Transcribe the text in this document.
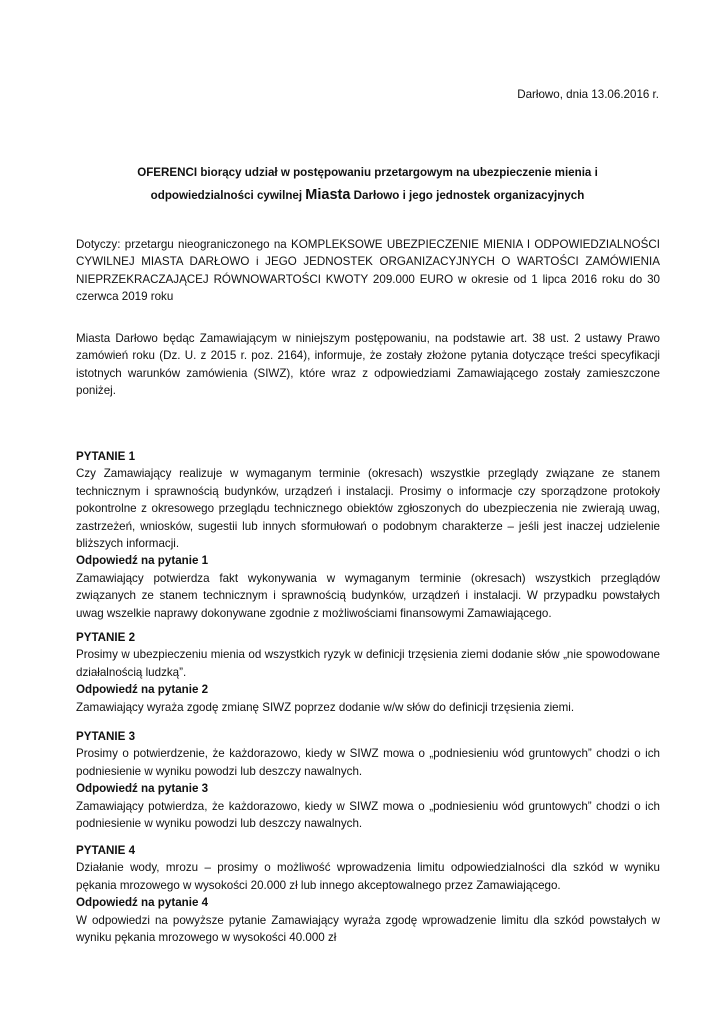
Darłowo, dnia 13.06.2016 r.
OFERENCI biorący udział w postępowaniu przetargowym na ubezpieczenie mienia i
odpowiedzialności cywilnej Miasta Darłowo i jego jednostek organizacyjnych
Dotyczy: przetargu nieograniczonego na KOMPLEKSOWE UBEZPIECZENIE MIENIA I ODPOWIEDZIALNOŚCI CYWILNEJ MIASTA DARŁOWO i JEGO JEDNOSTEK ORGANIZACYJNYCH O WARTOŚCI ZAMÓWIENIA NIEPRZEKRACZAJĄCEJ RÓWNOWARTOŚCI KWOTY 209.000 EURO w okresie od 1 lipca 2016 roku do 30 czerwca 2019 roku
Miasta Darłowo będąc Zamawiającym w niniejszym postępowaniu, na podstawie art. 38 ust. 2 ustawy Prawo zamówień roku (Dz. U. z 2015 r. poz. 2164), informuje, że zostały złożone pytania dotyczące treści specyfikacji istotnych warunków zamówienia (SIWZ), które wraz z odpowiedziami Zamawiającego zostały zamieszczone poniżej.

PYTANIE 1

Czy Zamawiający realizuje w wymaganym terminie (okresach) wszystkie przeglądy związane ze stanem technicznym i sprawnością budynków, urządzeń i instalacji. Prosimy o informacje czy sporządzone protokoły pokontrolne z okresowego przeglądu technicznego obiektów zgłoszonych do ubezpieczenia nie zwierają uwag, zastrzeżeń, wniosków, sugestii lub innych sformułowań o podobnym charakterze – jeśli jest inaczej udzielenie bliższych informacji.

Odpowiedź na pytanie 1

Zamawiający potwierdza fakt wykonywania w wymaganym terminie (okresach) wszystkich przeglądów związanych ze stanem technicznym i sprawnością budynków, urządzeń i instalacji. W przypadku powstałych uwag wszelkie naprawy dokonywane zgodnie z możliwościami finansowymi Zamawiającego.

PYTANIE 2

Prosimy w ubezpieczeniu mienia od wszystkich ryzyk w definicji trzęsienia ziemi dodanie słów „nie spowodowane działalnością ludzką”.

Odpowiedź na pytanie 2

Zamawiający wyraża zgodę zmianę SIWZ poprzez dodanie w/w słów do definicji trzęsienia ziemi.

PYTANIE 3

Prosimy o potwierdzenie, że każdorazowo, kiedy w SIWZ mowa o „podniesieniu wód gruntowych” chodzi o ich podniesienie w wyniku powodzi lub deszczy nawalnych.

Odpowiedź na pytanie 3

Zamawiający potwierdza, że każdorazowo, kiedy w SIWZ mowa o „podniesieniu wód gruntowych” chodzi o ich podniesienie w wyniku powodzi lub deszczy nawalnych.

PYTANIE 4

Działanie wody, mrozu – prosimy o możliwość wprowadzenia limitu odpowiedzialności dla szkód w wyniku pękania mrozowego w wysokości 20.000 zł lub innego akceptowalnego przez Zamawiającego.

Odpowiedź na pytanie 4

W odpowiedzi na powyższe pytanie Zamawiający wyraża zgodę wprowadzenie limitu dla szkód powstałych w wyniku pękania mrozowego w wysokości 40.000 zł
